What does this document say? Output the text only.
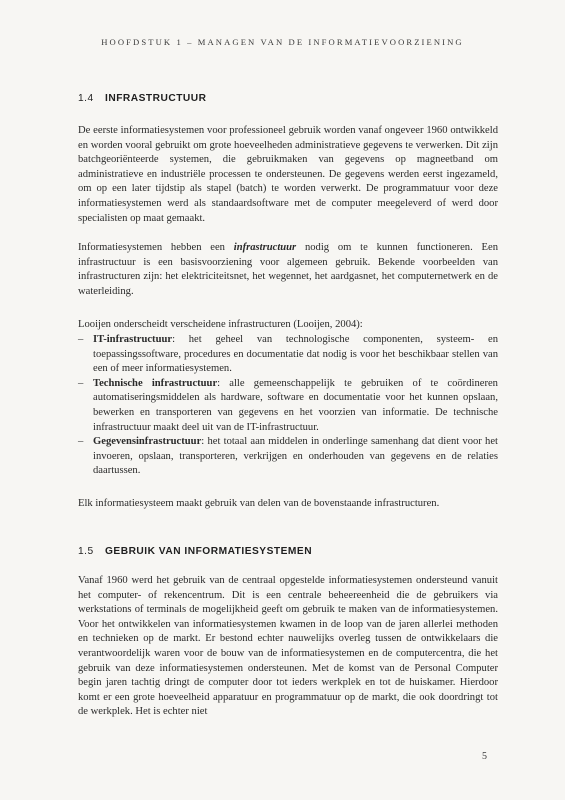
HOOFDSTUK 1 – MANAGEN VAN DE INFORMATIEVOORZIENING
1.4 INFRASTRUCTUUR

De eerste informatiesystemen voor professioneel gebruik worden vanaf ongeveer 1960 ontwikkeld en worden vooral gebruikt om grote hoeveelheden administratieve gegevens te verwerken. Dit zijn batchgeoriënteerde systemen, die gebruikmaken van gegevens op magneetband om administratieve en industriële processen te ondersteunen. De gegevens werden eerst ingezameld, om op een later tijdstip als stapel (batch) te worden verwerkt. De programmatuur voor deze informatiesystemen werd als standaardsoftware met de computer meegeleverd of werd door specialisten op maat gemaakt.

Informatiesystemen hebben een infrastructuur nodig om te kunnen functioneren. Een infrastructuur is een basisvoorziening voor algemeen gebruik. Bekende voorbeelden van infrastructuren zijn: het elektriciteitsnet, het wegennet, het aardgasnet, het computernetwerk en de waterleiding.

Looijen onderscheidt verscheidene infrastructuren (Looijen, 2004):

– IT-infrastructuur: het geheel van technologische componenten, systeem- en toepassingssoftware, procedures en documentatie dat nodig is voor het beschikbaar stellen van een of meer informatiesystemen.
– Technische infrastructuur: alle gemeenschappelijk te gebruiken of te coördineren automatiseringsmiddelen als hardware, software en documentatie voor het kunnen opslaan, bewerken en transporteren van gegevens en het voorzien van informatie. De technische infrastructuur maakt deel uit van de IT-infrastructuur.
– Gegevensinfrastructuur: het totaal aan middelen in onderlinge samenhang dat dient voor het invoeren, opslaan, transporteren, verkrijgen en onderhouden van gegevens en de relaties daartussen.

Elk informatiesysteem maakt gebruik van delen van de bovenstaande infrastructuren.

1.5 GEBRUIK VAN INFORMATIESYSTEMEN

Vanaf 1960 werd het gebruik van de centraal opgestelde informatiesystemen ondersteund vanuit het computer- of rekencentrum. Dit is een centrale beheereenheid die de gebruikers via werkstations of terminals de mogelijkheid geeft om gebruik te maken van de informatiesystemen. Voor het ontwikkelen van informatiesystemen kwamen in de loop van de jaren allerlei methoden en technieken op de markt. Er bestond echter nauwelijks overleg tussen de ontwikkelaars die verantwoordelijk waren voor de bouw van de informatiesystemen en de computercentra, die het gebruik van deze informatiesystemen ondersteunen. Met de komst van de Personal Computer begin jaren tachtig dringt de computer door tot ieders werkplek en tot de huiskamer. Hierdoor komt er een grote hoeveelheid apparatuur en programmatuur op de markt, die ook doordringt tot de werkplek. Het is echter niet

5
